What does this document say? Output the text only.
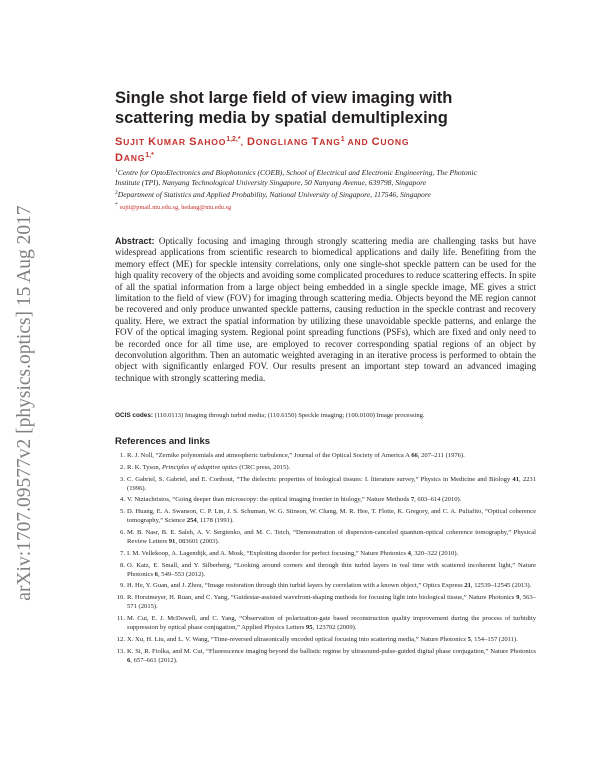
arXiv:1707.09577v2 [physics.optics] 15 Aug 2017
Single shot large field of view imaging with
scattering media by spatial demultiplexing
SUJIT KUMAR $SAHOO^{1,2,*}$, DONGLIANG TANG$^1$ AND CUONG
$DANG^{1,*}$
$^1$Centre for OptoElectronics and Biophotonics (COEB), School of Electrical and Electronic Engineering, The Photonic Institute (TPI), Nanyang Technological University Singapore, 50 Nanyang Avenue, 639798, Singapore
$^2$Department of Statistics and Applied Probability, National University of Singapore, 117546, Singapore
* sujit@pmail.ntu.edu.sg, hedang@ntu.edu.sg
Abstract: Optically focusing and imaging through strongly scattering media are challenging tasks but have widespread applications from scientific research to biomedical applications and daily life. Benefiting from the memory effect (ME) for speckle intensity correlations, only one single-shot speckle pattern can be used for the high quality recovery of the objects and avoiding some complicated procedures to reduce scattering effects. In spite of all the spatial information from a large object being embedded in a single speckle image, ME gives a strict limitation to the field of view (FOV) for imaging through scattering media. Objects beyond the ME region cannot be recovered and only produce unwanted speckle patterns, causing reduction in the speckle contrast and recovery quality. Here, we extract the spatial information by utilizing these unavoidable speckle patterns, and enlarge the FOV of the optical imaging system. Regional point spreading functions (PSFs), which are fixed and only need to be recorded once for all time use, are employed to recover corresponding spatial regions of an object by deconvolution algorithm. Then an automatic weighted averaging in an iterative process is performed to obtain the object with significantly enlarged FOV. Our results present an important step toward an advanced imaging technique with strongly scattering media.
OCIS codes: (110.0113) Imaging through turbid media; (110.6150) Speckle imaging; (100.0100) Image processing.
References and links
1. R. J. Noll, “Zernike polynomials and atmospheric turbulence,” Journal of the Optical Society of America A 66, 207–211 (1976).
2. R. K. Tyson, Principles of adaptive optics (CRC press, 2015).
3. C. Gabriel, S. Gabriel, and E. Corthout, “The dielectric properties of biological tissues: I. literature survey,” Physics in Medicine and Biology 41, 2231 (1996).
4. V. Ntziachristos, “Going deeper than microscopy: the optical imaging frontier in biology,” Nature Methods 7, 603–614 (2010).
5. D. Huang, E. A. Swanson, C. P. Lin, J. S. Schuman, W. G. Stinson, W. Chang, M. R. Hee, T. Flotte, K. Gregory, and C. A. Puliafito, “Optical coherence tomography,” Science 254, 1178 (1991).
6. M. B. Nasr, B. E. Saleh, A. V. Sergienko, and M. C. Teich, “Demonstration of dispersion-canceled quantum-optical coherence tomography,” Physical Review Letters 91, 083601 (2003).
7. I. M. Vellekoop, A. Lagendijk, and A. Mosk, “Exploiting disorder for perfect focusing,” Nature Photonics 4, 320–322 (2010).
8. O. Katz, E. Small, and Y. Silberberg, “Looking around corners and through thin turbid layers in real time with scattered incoherent light,” Nature Photonics 6, 549–553 (2012).
9. H. He, Y. Guan, and J. Zhou, “Image restoration through thin turbid layers by correlation with a known object,” Optics Express 21, 12539–12545 (2013).
10. R. Horstmeyer, H. Ruan, and C. Yang, “Guidestar-assisted wavefront-shaping methods for focusing light into biological tissue,” Nature Photonics 9, 563–571 (2015).
11. M. Cui, E. J. McDowell, and C. Yang, “Observation of polarization-gate based reconstruction quality improvement during the process of turbidity suppression by optical phase conjugation,” Applied Physics Letters 95, 123702 (2009).
12. X. Xu, H. Liu, and L. V. Wang, “Time-reversed ultrasonically encoded optical focusing into scattering media,” Nature Photonics 5, 154–157 (2011).
13. K. Si, R. Fiolka, and M. Cui, “Fluorescence imaging beyond the ballistic regime by ultrasound-pulse-guided digital phase conjugation,” Nature Photonics 6, 657–661 (2012).
